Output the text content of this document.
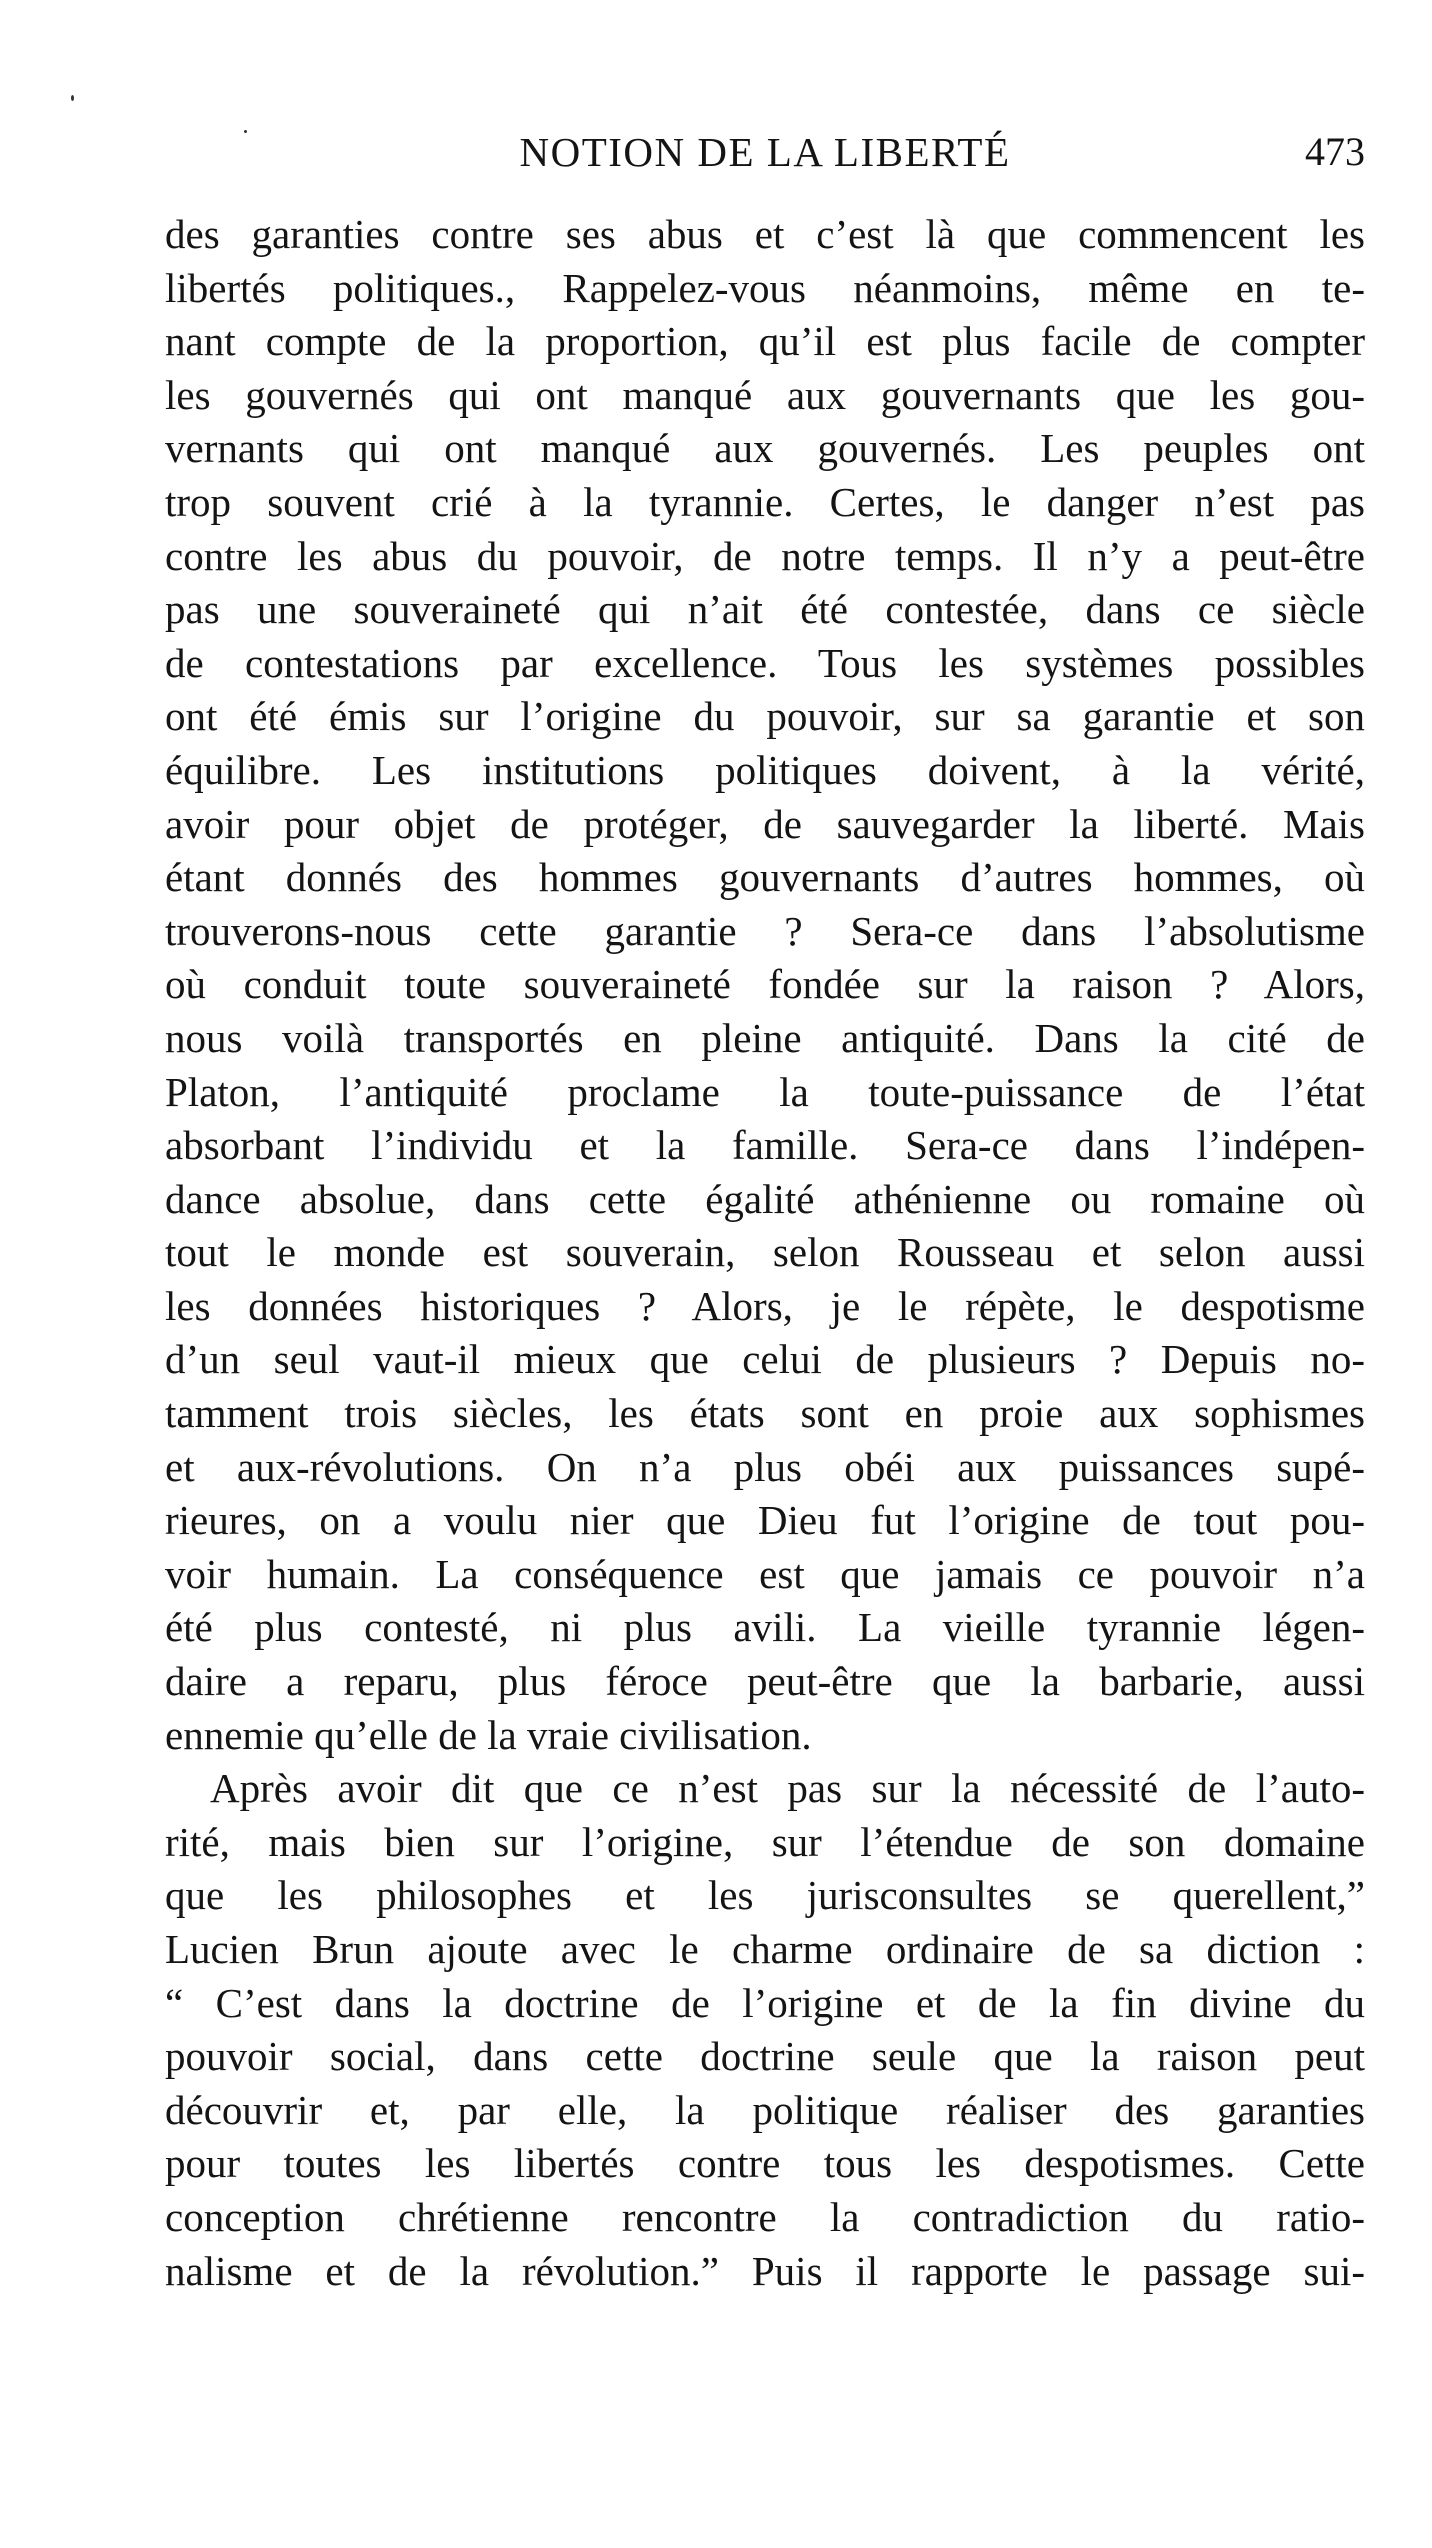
NOTION DE LA LIBERTÉ	473
des garanties contre ses abus et c’est là que commencent les
libertés politiques., Rappelez-vous néanmoins, même en te-
nant compte de la proportion, qu’il est plus facile de compter
les gouvernés qui ont manqué aux gouvernants que les gou-
vernants qui ont manqué aux gouvernés. Les peuples ont
trop souvent crié à la tyrannie. Certes, le danger n’est pas
contre les abus du pouvoir, de notre temps. Il n’y a peut-être
pas une souveraineté qui n’ait été contestée, dans ce siècle
de contestations par excellence. Tous les systèmes possibles
ont été émis sur l’origine du pouvoir, sur sa garantie et son
équilibre. Les institutions politiques doivent, à la vérité,
avoir pour objet de protéger, de sauvegarder la liberté. Mais
étant donnés des hommes gouvernants d’autres hommes, où
trouverons-nous cette garantie ? Sera-ce dans l’absolutisme
où conduit toute souveraineté fondée sur la raison ? Alors,
nous voilà transportés en pleine antiquité. Dans la cité de
Platon, l’antiquité proclame la toute-puissance de l’état
absorbant l’individu et la famille. Sera-ce dans l’indépen-
dance absolue, dans cette égalité athénienne ou romaine où
tout le monde est souverain, selon Rousseau et selon aussi
les données historiques ? Alors, je le répète, le despotisme
d’un seul vaut-il mieux que celui de plusieurs ? Depuis no-
tamment trois siècles, les états sont en proie aux sophismes
et aux-révolutions. On n’a plus obéi aux puissances supé-
rieures, on a voulu nier que Dieu fut l’origine de tout pou-
voir humain. La conséquence est que jamais ce pouvoir n’a
été plus contesté, ni plus avili. La vieille tyrannie légen-
daire a reparu, plus féroce peut-être que la barbarie, aussi
ennemie qu’elle de la vraie civilisation.
Après avoir dit que ce n’est pas sur la nécessité de l’auto-
rité, mais bien sur l’origine, sur l’étendue de son domaine
que les philosophes et les jurisconsultes se querellent,”
Lucien Brun ajoute avec le charme ordinaire de sa diction :
“ C’est dans la doctrine de l’origine et de la fin divine du
pouvoir social, dans cette doctrine seule que la raison peut
découvrir et, par elle, la politique réaliser des garanties
pour toutes les libertés contre tous les despotismes. Cette
conception chrétienne rencontre la contradiction du ratio-
nalisme et de la révolution.” Puis il rapporte le passage sui-
